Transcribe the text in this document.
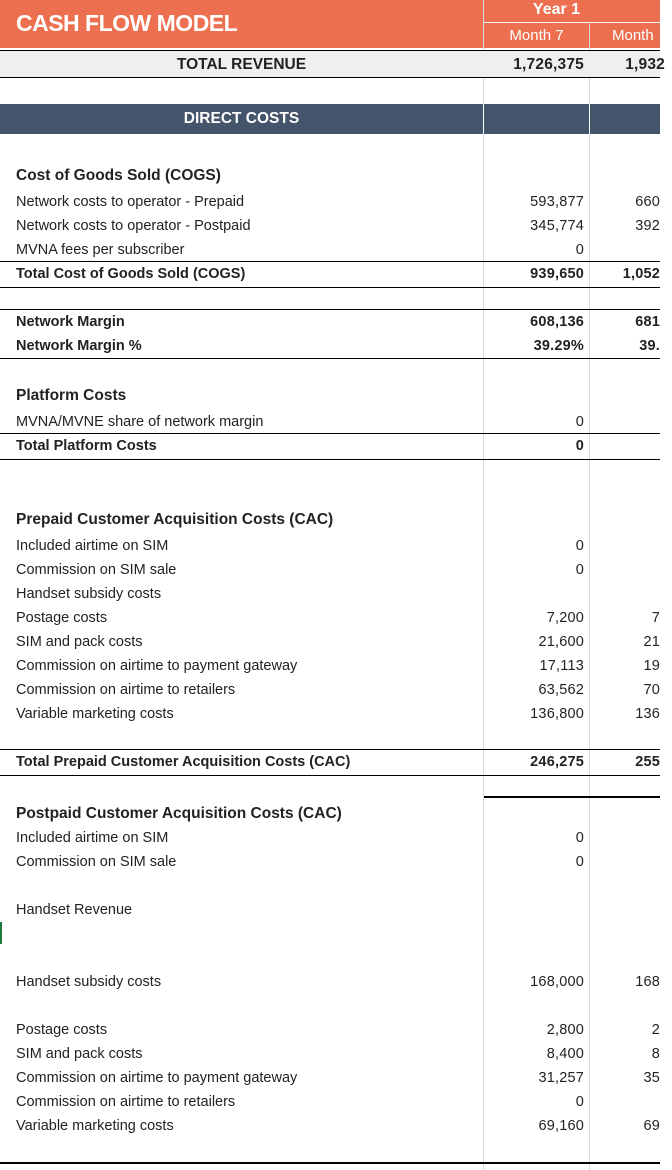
CASH FLOW MODEL
Year 1
Month 7	Month
TOTAL REVENUE	1,726,375	1,932
DIRECT COSTS
Cost of Goods Sold (COGS)
Network costs to operator - Prepaid	593,877	660
Network costs to operator - Postpaid	345,774	392
MVNA fees per subscriber	0
Total Cost of Goods Sold (COGS)	939,650	1,052
Network Margin	608,136	681
Network Margin %	39.29%	39.
Platform Costs
MVNA/MVNE share of network margin	0
Total Platform Costs	0
Prepaid Customer Acquisition Costs (CAC)
Included airtime on SIM	0
Commission on SIM sale	0
Handset subsidy costs
Postage costs	7,200	7
SIM and pack costs	21,600	21
Commission on airtime to payment gateway	17,113	19
Commission on airtime to retailers	63,562	70
Variable marketing costs	136,800	136
Total Prepaid Customer Acquisition Costs (CAC)	246,275	255
Postpaid Customer Acquisition Costs (CAC)
Included airtime on SIM	0
Commission on SIM sale	0
Handset Revenue
Handset subsidy costs	168,000	168
Postage costs	2,800	2
SIM and pack costs	8,400	8
Commission on airtime to payment gateway	31,257	35
Commission on airtime to retailers	0
Variable marketing costs	69,160	69
